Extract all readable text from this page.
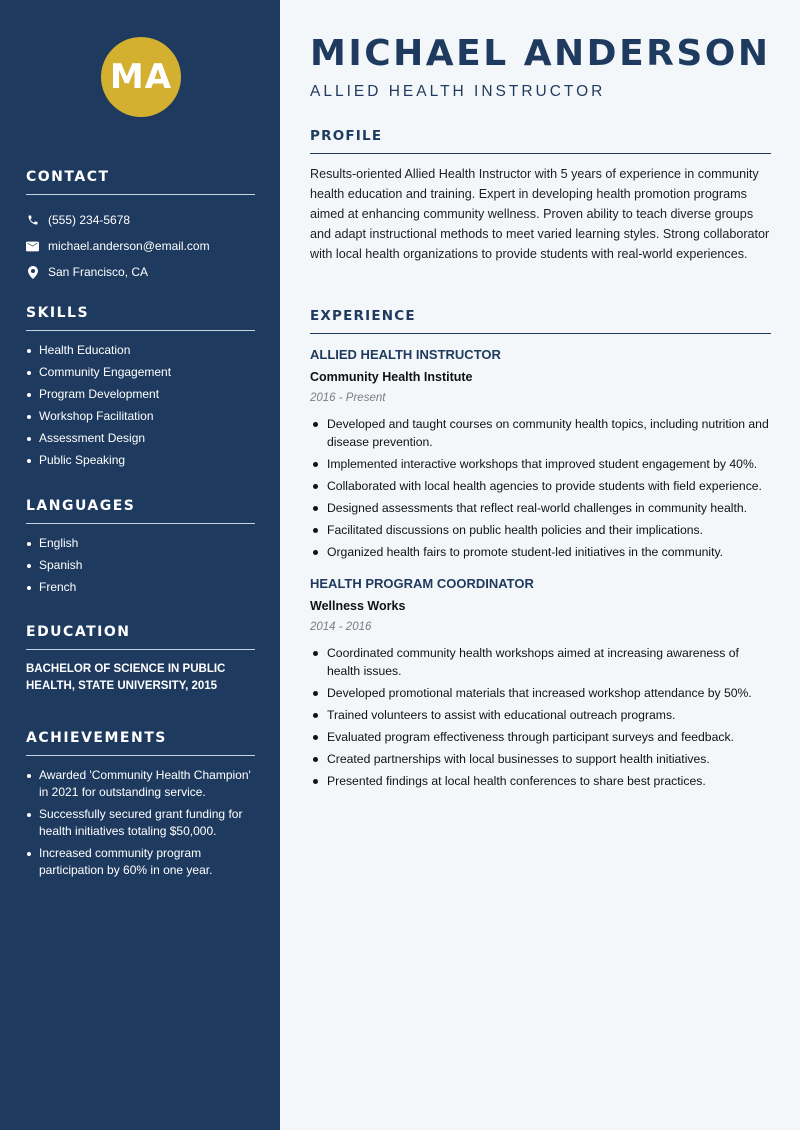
MA
CONTACT
(555) 234-5678
michael.anderson@email.com
San Francisco, CA
SKILLS
Health Education
Community Engagement
Program Development
Workshop Facilitation
Assessment Design
Public Speaking
LANGUAGES
English
Spanish
French
EDUCATION

BACHELOR OF SCIENCE IN PUBLIC HEALTH, STATE UNIVERSITY, 2015

ACHIEVEMENTS
Awarded 'Community Health Champion' in 2021 for outstanding service.
Successfully secured grant funding for health initiatives totaling $50,000.
Increased community program participation by 60% in one year.
MICHAEL ANDERSON
ALLIED HEALTH INSTRUCTOR
PROFILE

Results-oriented Allied Health Instructor with 5 years of experience in community health education and training. Expert in developing health promotion programs aimed at enhancing community wellness. Proven ability to teach diverse groups and adapt instructional methods to meet varied learning styles. Strong collaborator with local health organizations to provide students with real-world experiences.

EXPERIENCE
ALLIED HEALTH INSTRUCTOR
Community Health Institute
2016 - Present
Developed and taught courses on community health topics, including nutrition and disease prevention.
Implemented interactive workshops that improved student engagement by 40%.
Collaborated with local health agencies to provide students with field experience.
Designed assessments that reflect real-world challenges in community health.
Facilitated discussions on public health policies and their implications.
Organized health fairs to promote student-led initiatives in the community.
HEALTH PROGRAM COORDINATOR
Wellness Works
2014 - 2016
Coordinated community health workshops aimed at increasing awareness of health issues.
Developed promotional materials that increased workshop attendance by 50%.
Trained volunteers to assist with educational outreach programs.
Evaluated program effectiveness through participant surveys and feedback.
Created partnerships with local businesses to support health initiatives.
Presented findings at local health conferences to share best practices.
